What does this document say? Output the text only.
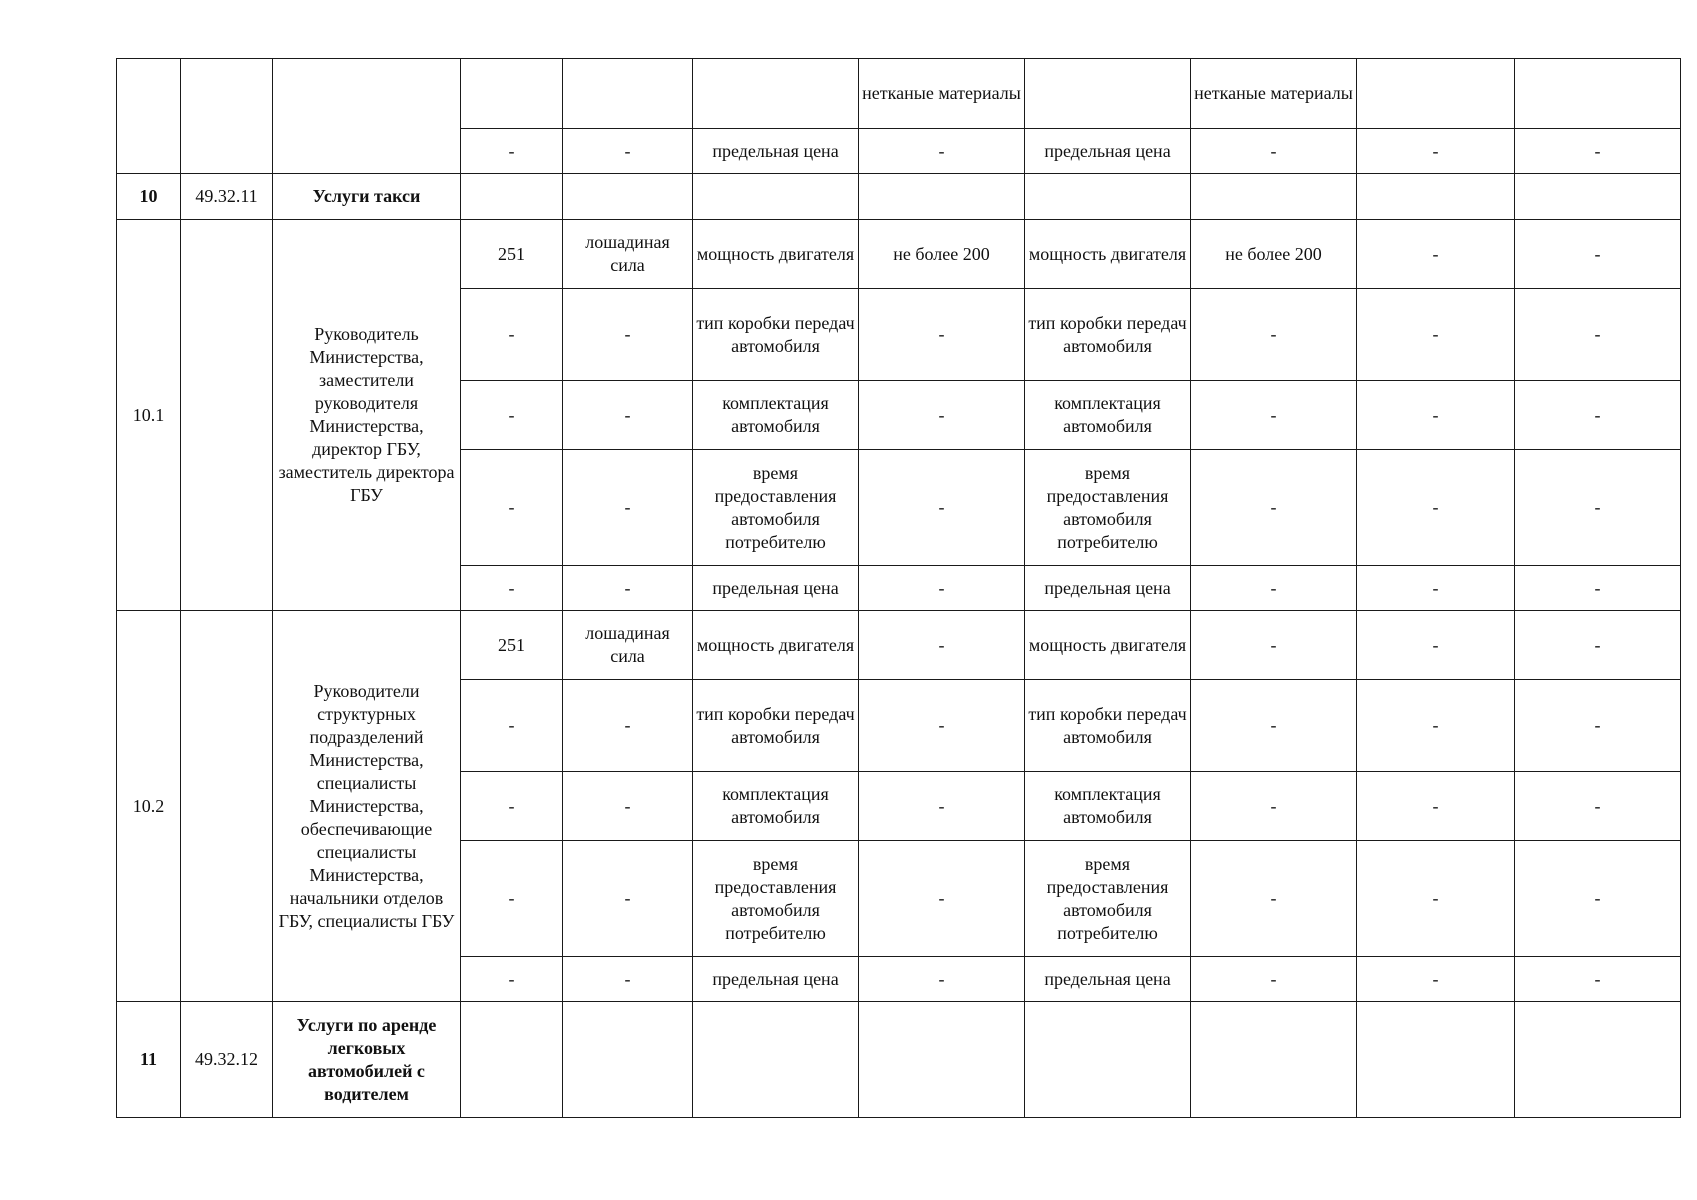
						нетканые материалы		нетканые материалы		
			-	-	предельная цена	-	предельная цена	-	-	-
10	49.32.11	Услуги такси								
10.1		Руководитель Министерства, заместители руководителя Министерства, директор ГБУ, заместитель директора ГБУ	251	лошадиная сила	мощность двигателя	не более 200	мощность двигателя	не более 200	-	-
			-	-	тип коробки передач автомобиля	-	тип коробки передач автомобиля	-	-	-
			-	-	комплектация автомобиля	-	комплектация автомобиля	-	-	-
			-	-	время предоставления автомобиля потребителю	-	время предоставления автомобиля потребителю	-	-	-
			-	-	предельная цена	-	предельная цена	-	-	-
10.2		Руководители структурных подразделений Министерства, специалисты Министерства, обеспечивающие специалисты Министерства, начальники отделов ГБУ, специалисты ГБУ	251	лошадиная сила	мощность двигателя	-	мощность двигателя	-	-	-
			-	-	тип коробки передач автомобиля	-	тип коробки передач автомобиля	-	-	-
			-	-	комплектация автомобиля	-	комплектация автомобиля	-	-	-
			-	-	время предоставления автомобиля потребителю	-	время предоставления автомобиля потребителю	-	-	-
			-	-	предельная цена	-	предельная цена	-	-	-
11	49.32.12	Услуги по аренде легковых автомобилей с водителем								
